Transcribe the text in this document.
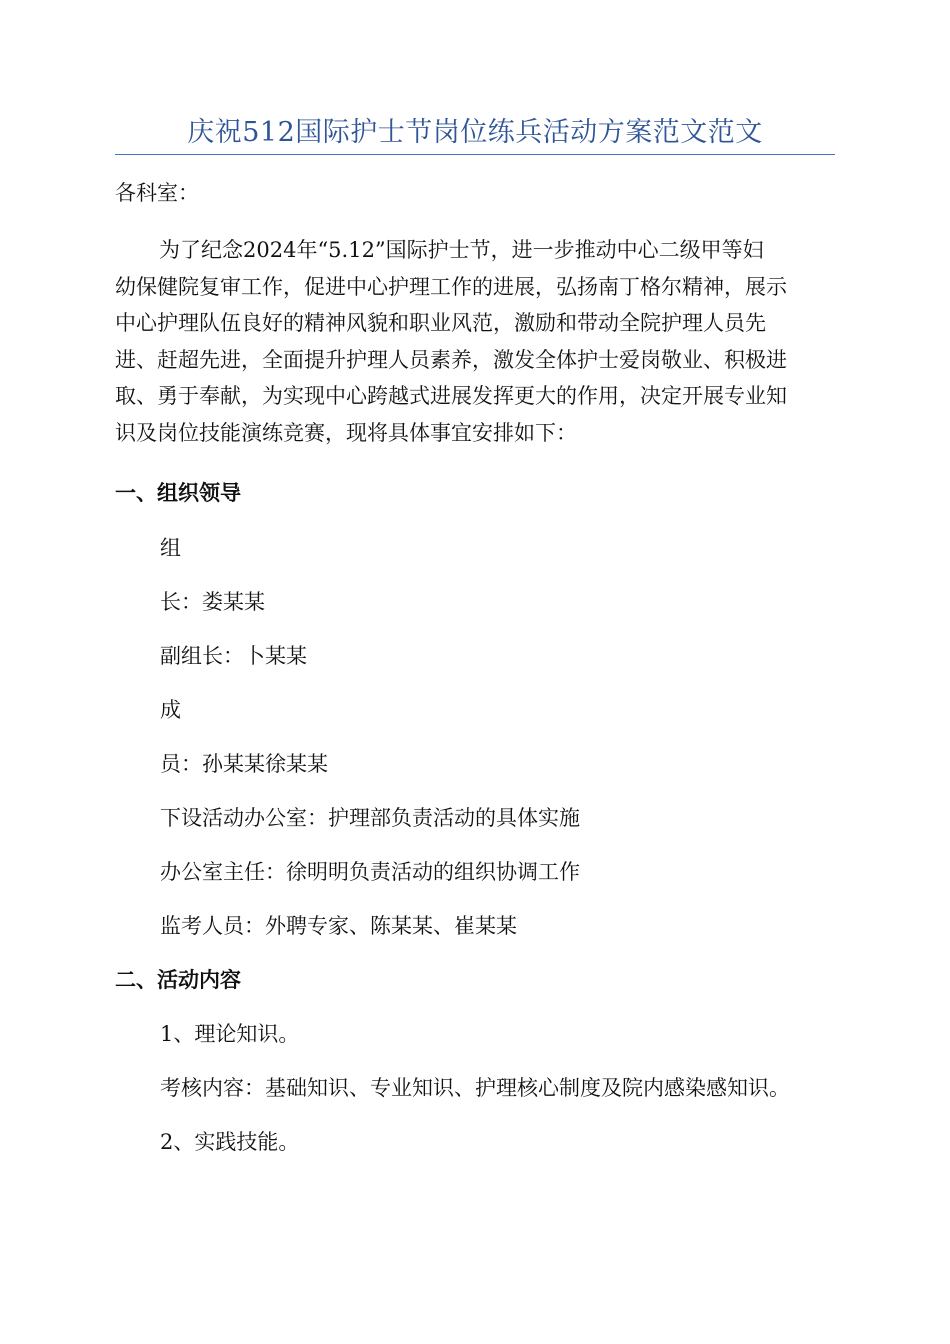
庆祝512国际护士节岗位练兵活动方案范文范文
各科室：
为了纪念2024年“5.12”国际护士节，进一步推动中心二级甲等妇
幼保健院复审工作，促进中心护理工作的进展，弘扬南丁格尔精神，展示
中心护理队伍良好的精神风貌和职业风范，激励和带动全院护理人员先
进、赶超先进，全面提升护理人员素养，激发全体护士爱岗敬业、积极进
取、勇于奉献，为实现中心跨越式进展发挥更大的作用，决定开展专业知
识及岗位技能演练竞赛，现将具体事宜安排如下：
一、组织领导
组
长：娄某某
副组长：卜某某
成
员：孙某某徐某某
下设活动办公室：护理部负责活动的具体实施
办公室主任：徐明明负责活动的组织协调工作
监考人员：外聘专家、陈某某、崔某某
二、活动内容
1、理论知识。
考核内容：基础知识、专业知识、护理核心制度及院内感染感知识。
2、实践技能。
